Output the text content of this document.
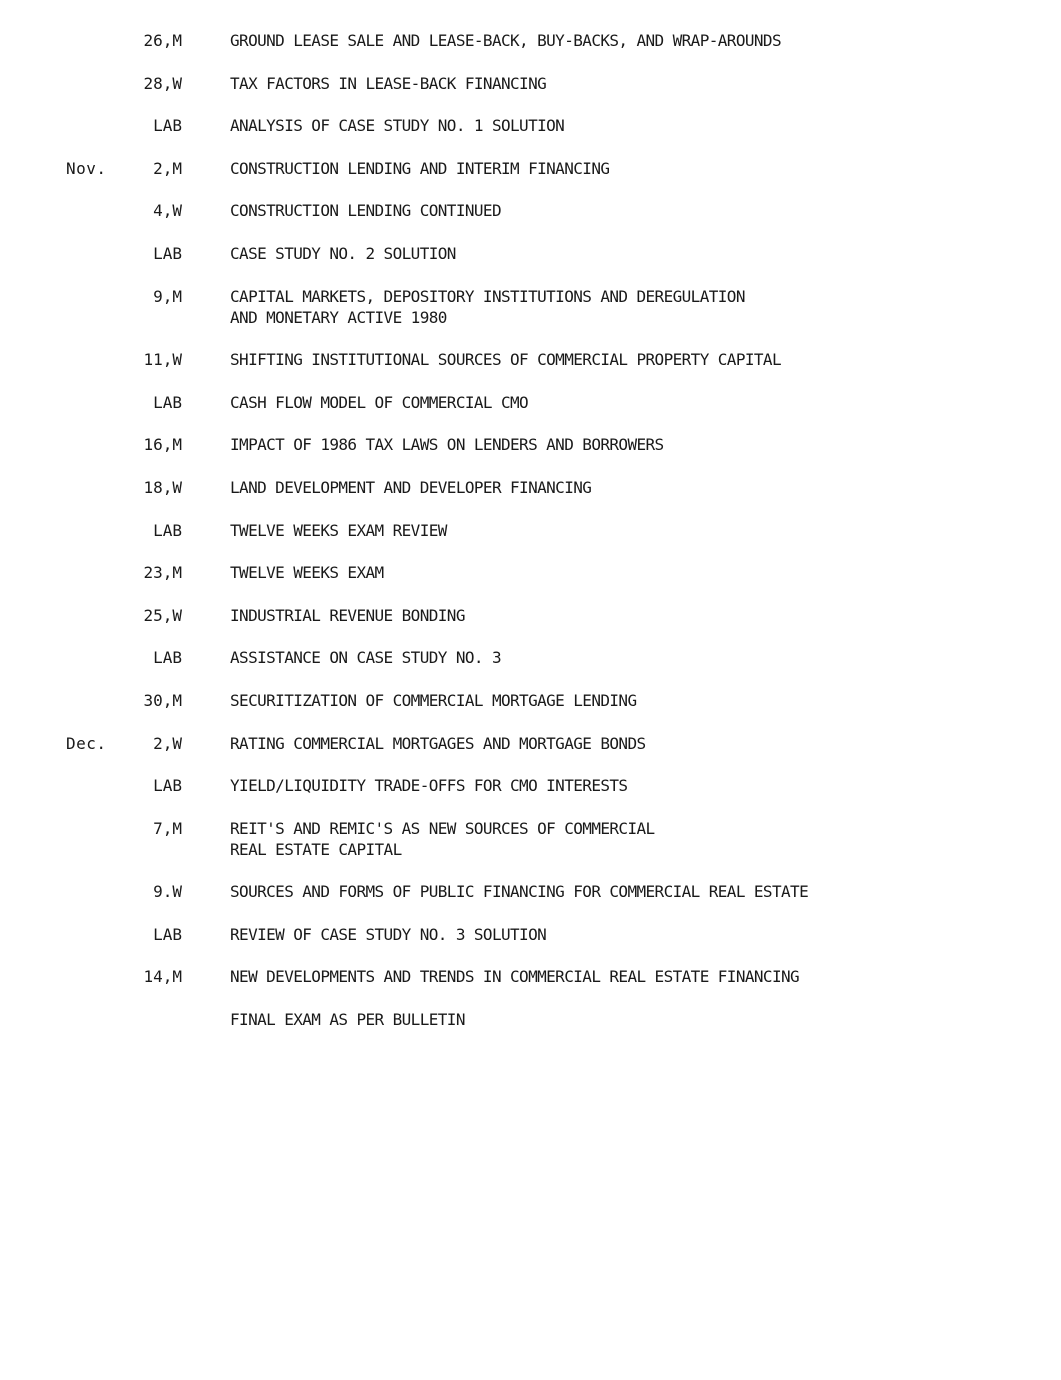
26,M	GROUND LEASE SALE AND LEASE-BACK, BUY-BACKS, AND WRAP-AROUNDS
28,W	TAX FACTORS IN LEASE-BACK FINANCING
LAB	ANALYSIS OF CASE STUDY NO. 1 SOLUTION
Nov.	2,M	CONSTRUCTION LENDING AND INTERIM FINANCING
4,W	CONSTRUCTION LENDING CONTINUED
LAB	CASE STUDY NO. 2 SOLUTION
9,M	CAPITAL MARKETS, DEPOSITORY INSTITUTIONS AND DEREGULATION
AND MONETARY ACTIVE 1980
11,W	SHIFTING INSTITUTIONAL SOURCES OF COMMERCIAL PROPERTY CAPITAL
LAB	CASH FLOW MODEL OF COMMERCIAL CMO
16,M	IMPACT OF 1986 TAX LAWS ON LENDERS AND BORROWERS
18,W	LAND DEVELOPMENT AND DEVELOPER FINANCING
LAB	TWELVE WEEKS EXAM REVIEW
23,M	TWELVE WEEKS EXAM
25,W	INDUSTRIAL REVENUE BONDING
LAB	ASSISTANCE ON CASE STUDY NO. 3
30,M	SECURITIZATION OF COMMERCIAL MORTGAGE LENDING
Dec.	2,W	RATING COMMERCIAL MORTGAGES AND MORTGAGE BONDS
LAB	YIELD/LIQUIDITY TRADE-OFFS FOR CMO INTERESTS
7,M	REIT'S AND REMIC'S AS NEW SOURCES OF COMMERCIAL
REAL ESTATE CAPITAL
9.W	SOURCES AND FORMS OF PUBLIC FINANCING FOR COMMERCIAL REAL ESTATE
LAB	REVIEW OF CASE STUDY NO. 3 SOLUTION
14,M	NEW DEVELOPMENTS AND TRENDS IN COMMERCIAL REAL ESTATE FINANCING
FINAL EXAM AS PER BULLETIN
